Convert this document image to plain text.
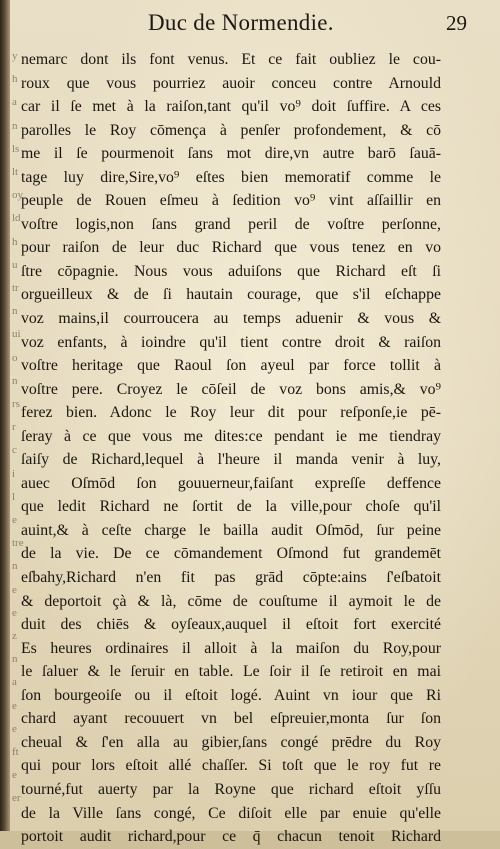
y
h
a
n
ls
lt
oy
ld
h
u
tr
n
ui
o
n
rs
r
c
i
l
e
tre
n
e
e
z
n
a
e
e
ft
e
er
Duc de Normendie.	29
nemarc dont ils font venus. Et ce fait oubliez le cou-
roux que vous pourriez auoir conceu contre Arnould
car il ſe met à la raiſon,tant qu'il vo⁹ doit ſuffire. A ces
parolles le Roy cōmença à penſer profondement, & cō
me il ſe pourmenoit ſans mot dire,vn autre barō ſauā-
tage luy dire,Sire,vo⁹ eſtes bien memoratif comme le
peuple de Rouen eſmeu à ſedition vo⁹ vint aſſaillir en
voſtre logis,non ſans grand peril de voſtre perſonne,
pour raiſon de leur duc Richard que vous tenez en vo
ſtre cōpagnie. Nous vous aduiſons que Richard eſt ſi
orgueilleux & de ſi hautain courage, que s'il eſchappe
voz mains,il courroucera au temps aduenir & vous &
voz enfants, à ioindre qu'il tient contre droit & raiſon
voſtre heritage que Raoul ſon ayeul par force tollit à
voſtre pere. Croyez le cōſeil de voz bons amis,& vo⁹
ferez bien. Adonc le Roy leur dit pour reſponſe,ie pē-
ſeray à ce que vous me dites:ce pendant ie me tiendray
ſaiſy de Richard,lequel à l'heure il manda venir à luy,
auec Oſmōd ſon gouuerneur,faiſant expreſſe deffence
que ledit Richard ne ſortit de la ville,pour choſe qu'il
auint,& à ceſte charge le bailla audit Oſmōd, ſur peine
de la vie. De ce cōmandement Oſmond fut grandemēt
eſbahy,Richard n'en fit pas grād cōpte:ains ſ'eſbatoit
& deportoit çà & là, cōme de couſtume il aymoit le de
duit des chiēs & oyſeaux,auquel il eſtoit fort exercité
Es heures ordinaires il alloit à la maiſon du Roy,pour
le ſaluer & le ſeruir en table. Le ſoir il ſe retiroit en mai
ſon bourgeoiſe ou il eſtoit logé. Auint vn iour que Ri
chard ayant recouuert vn bel eſpreuier,monta ſur ſon
cheual & ſ'en alla au gibier,ſans congé prēdre du Roy
qui pour lors eſtoit allé chaſſer. Si toſt que le roy fut re
tourné,fut auerty par la Royne que richard eſtoit yſſu
de la Ville ſans congé, Ce diſoit elle par enuie qu'elle
portoit audit richard,pour ce q̄ chacun tenoit Richard
